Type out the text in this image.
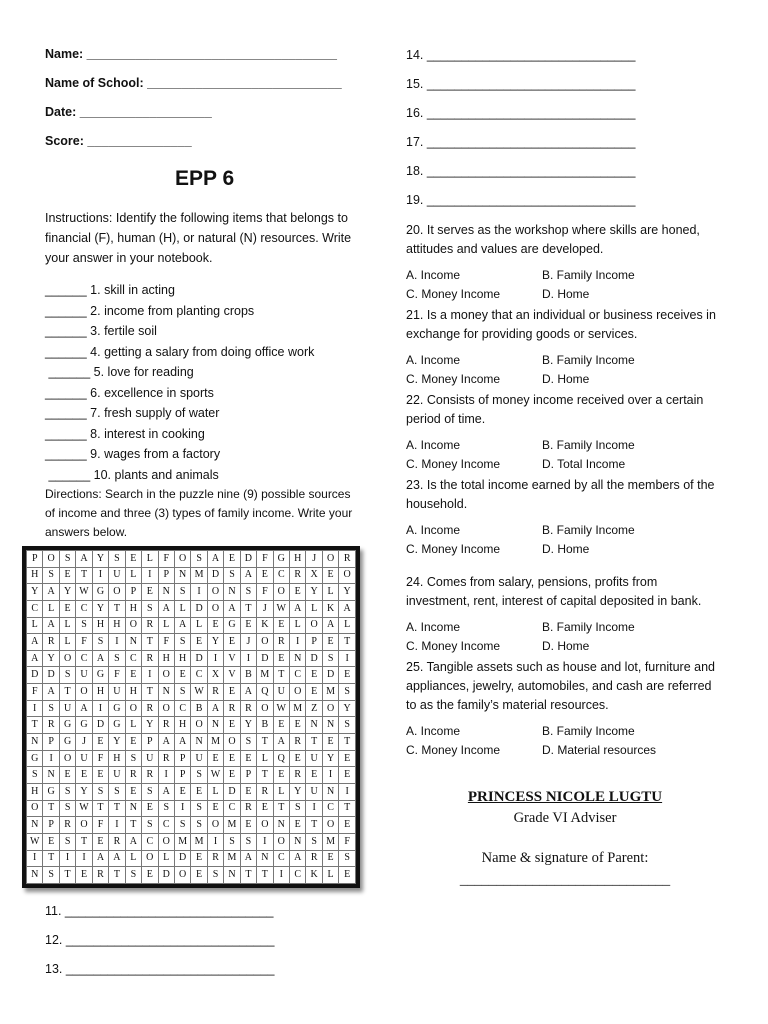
Name: ____________________________________
Name of School: ____________________________
Date: ___________________
Score: _______________
EPP 6
Instructions: Identify the following items that belongs to financial (F), human (H), or natural (N) resources. Write your answer in your notebook.
______ 1. skill in acting
______ 2. income from planting crops
______ 3. fertile soil
______ 4. getting a salary from doing office work
______ 5. love for reading
______ 6. excellence in sports
______ 7. fresh supply of water
______ 8. interest in cooking
______ 9. wages from a factory
______ 10. plants and animals
Directions: Search in the puzzle nine (9) possible sources of income and three (3) types of family income. Write your answers below.
P	O	S	A	Y	S	E	L	F	O	S	A	E	D	F	G	H	J	O	R
H	S	E	T	I	U	L	I	P	N	M	D	S	A	E	C	R	X	E	O
Y	A	Y	W	G	O	P	E	N	S	I	O	N	S	F	O	E	Y	L	Y
C	L	E	C	Y	T	H	S	A	L	D	O	A	T	J	W	A	L	K	A
L	A	L	S	H	H	O	R	L	A	L	E	G	E	K	E	L	O	A	L
A	R	L	F	S	I	N	T	F	S	E	Y	E	J	O	R	I	P	E	T
A	Y	O	C	A	S	C	R	H	H	D	I	V	I	D	E	N	D	S	I
D	D	S	U	G	F	E	I	O	E	C	X	V	B	M	T	C	E	D	E
F	A	T	O	H	U	H	T	N	S	W	R	E	A	Q	U	O	E	M	S
I	S	U	A	I	G	O	R	O	C	B	A	R	R	O	W	M	Z	O	Y
T	R	G	G	D	G	L	Y	R	H	O	N	E	Y	B	E	E	N	N	S
N	P	G	J	E	Y	E	P	A	A	N	M	O	S	T	A	R	T	E	T
G	I	O	U	F	H	S	U	R	P	U	E	E	E	L	Q	E	U	Y	E
S	N	E	E	E	U	R	R	I	P	S	W	E	P	T	E	R	E	I	E
H	G	S	Y	S	S	E	S	A	E	E	L	D	E	R	L	Y	U	N	I
O	T	S	W	T	T	N	E	S	I	S	E	C	R	E	T	S	I	C	T
N	P	R	O	F	I	T	S	C	S	S	O	M	E	O	N	E	T	O	E
W	E	S	T	E	R	A	C	O	M	M	I	S	S	I	O	N	S	M	F
I	T	I	I	A	A	L	O	L	D	E	R	M	A	N	C	A	R	E	S
N	S	T	E	R	T	S	E	D	O	E	S	N	T	T	I	C	K	L	E
11. ______________________________
12. ______________________________
13. ______________________________
14. ______________________________
15. ______________________________
16. ______________________________
17. ______________________________
18. ______________________________
19. ______________________________
20. It serves as the workshop where skills are honed, attitudes and values are developed.
A. Income	B. Family Income
C. Money Income	D. Home
21. Is a money that an individual or business receives in exchange for providing goods or services.
A. Income	B. Family Income
C. Money Income	D. Home
22. Consists of money income received over a certain period of time.
A. Income	B. Family Income
C. Money Income	D. Total Income
23. Is the total income earned by all the members of the household.
A. Income	B. Family Income
C. Money Income	D. Home
24. Comes from salary, pensions, profits from investment, rent, interest of capital deposited in bank.
A. Income	B. Family Income
C. Money Income	D. Home
25. Tangible assets such as house and lot, furniture and appliances, jewelry, automobiles, and cash are referred to as the family’s material resources.
A. Income	B. Family Income
C. Money Income	D. Material resources
PRINCESS NICOLE LUGTU
Grade VI Adviser
Name & signature of Parent:
_____________________________
